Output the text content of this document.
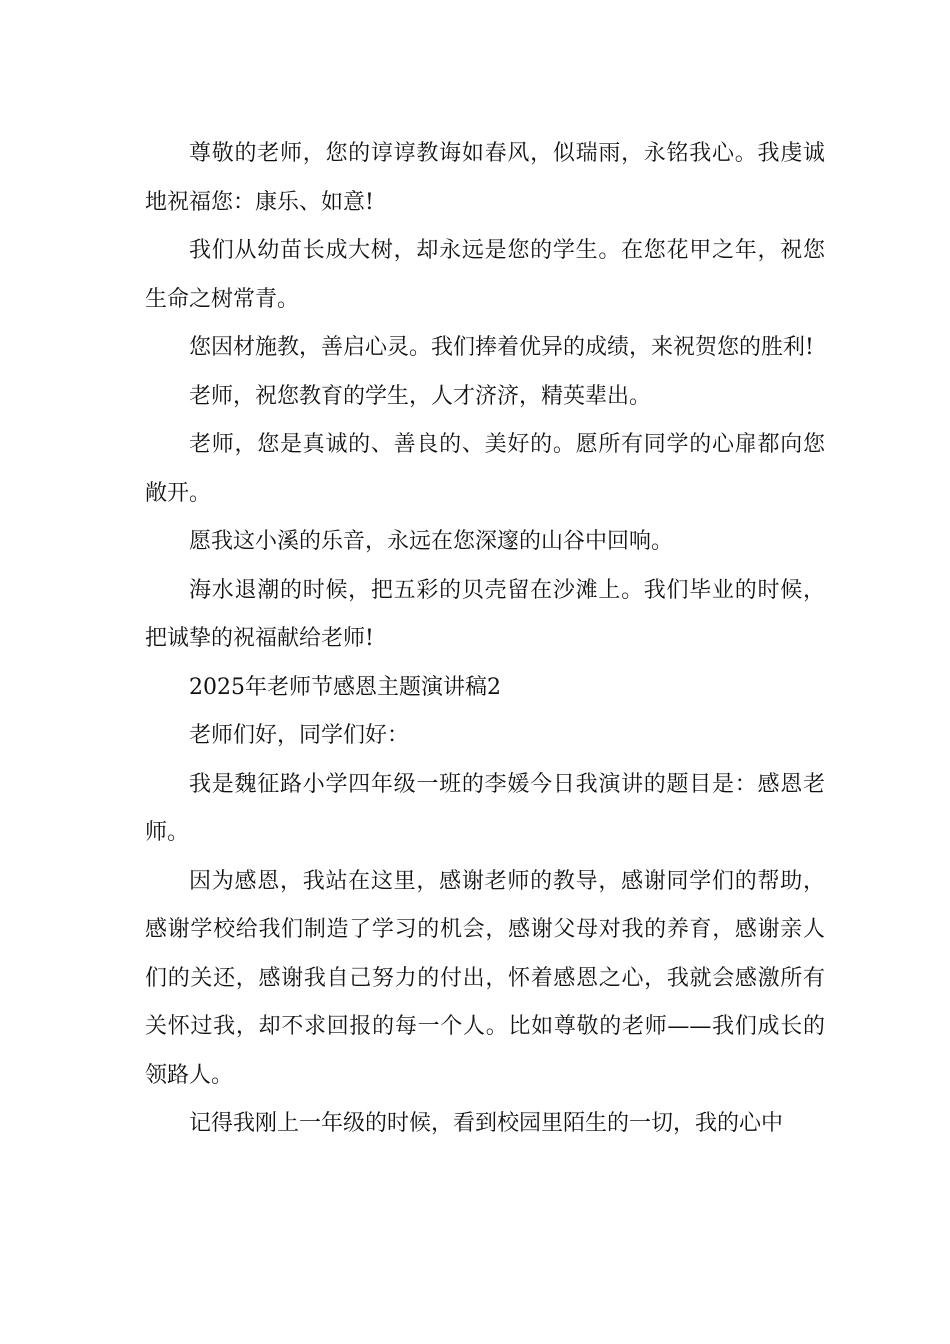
尊敬的老师，您的谆谆教诲如春风，似瑞雨，永铭我心。我虔诚地祝福您：康乐、如意!

我们从幼苗长成大树，却永远是您的学生。在您花甲之年，祝您生命之树常青。

您因材施教，善启心灵。我们捧着优异的成绩，来祝贺您的胜利!

老师，祝您教育的学生，人才济济，精英辈出。

老师，您是真诚的、善良的、美好的。愿所有同学的心扉都向您敞开。

愿我这小溪的乐音，永远在您深邃的山谷中回响。

海水退潮的时候，把五彩的贝壳留在沙滩上。我们毕业的时候，把诚挚的祝福献给老师!

2025年老师节感恩主题演讲稿2

老师们好，同学们好：

我是魏征路小学四年级一班的李媛今日我演讲的题目是：感恩老师。

因为感恩，我站在这里，感谢老师的教导，感谢同学们的帮助，感谢学校给我们制造了学习的机会，感谢父母对我的养育，感谢亲人们的关还，感谢我自己努力的付出，怀着感恩之心，我就会感激所有关怀过我，却不求回报的每一个人。比如尊敬的老师——我们成长的领路人。

记得我刚上一年级的时候，看到校园里陌生的一切，我的心中
